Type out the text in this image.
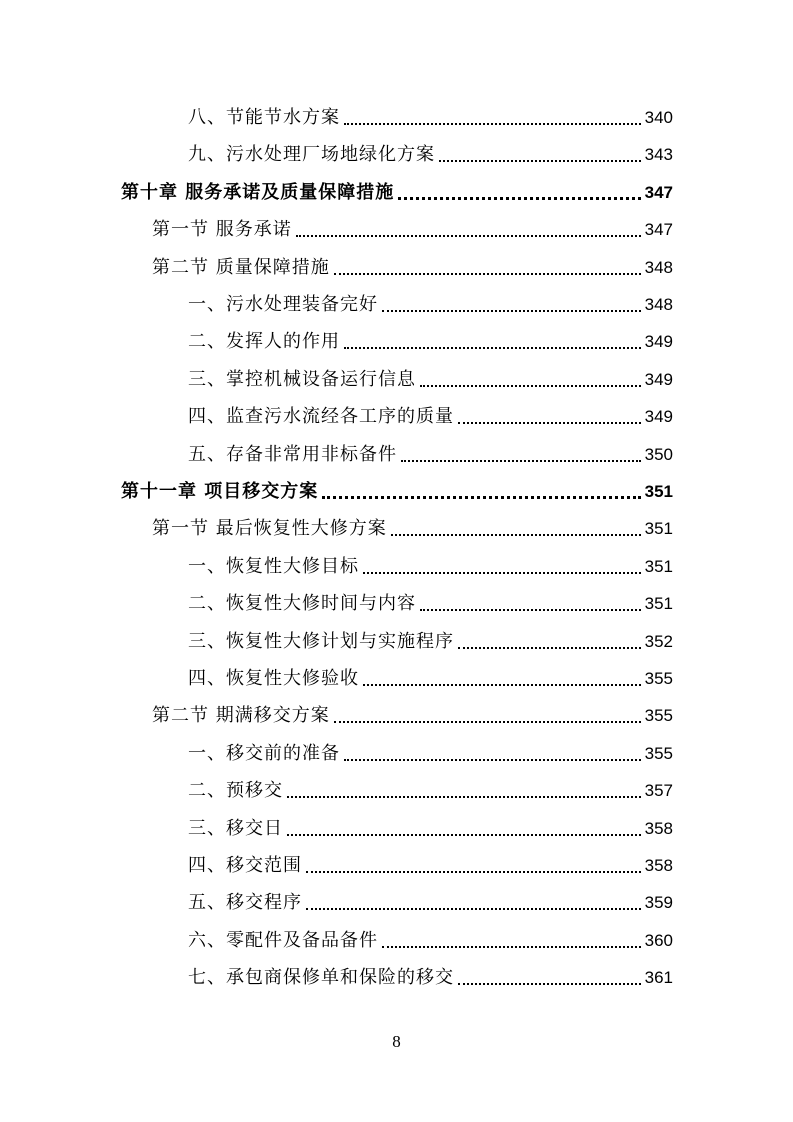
八、节能节水方案	340
九、污水处理厂场地绿化方案	343
第十章 服务承诺及质量保障措施	347
第一节 服务承诺	347
第二节 质量保障措施	348
一、污水处理装备完好	348
二、发挥人的作用	349
三、掌控机械设备运行信息	349
四、监查污水流经各工序的质量	349
五、存备非常用非标备件	350
第十一章 项目移交方案	351
第一节 最后恢复性大修方案	351
一、恢复性大修目标	351
二、恢复性大修时间与内容	351
三、恢复性大修计划与实施程序	352
四、恢复性大修验收	355
第二节 期满移交方案	355
一、移交前的准备	355
二、预移交	357
三、移交日	358
四、移交范围	358
五、移交程序	359
六、零配件及备品备件	360
七、承包商保修单和保险的移交	361
8
